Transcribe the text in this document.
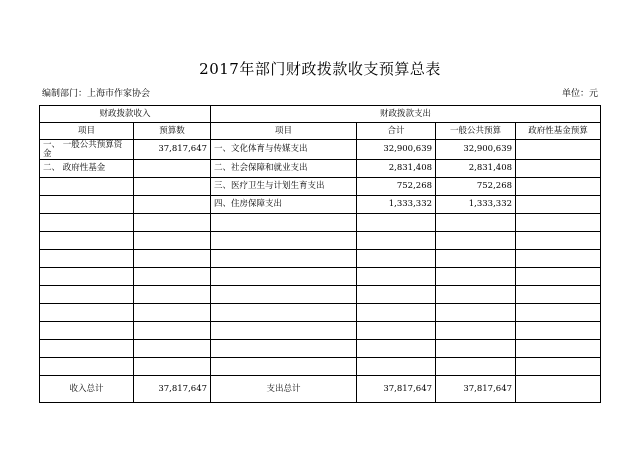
2017年部门财政拨款收支预算总表
编制部门：上海市作家协会	单位：元
财政拨款收入		财政拨款支出			
项目	预算数	项目	合计	一般公共预算	政府性基金预算
一、 一般公共预算资金	37,817,647	一、文化体育与传媒支出	32,900,639	32,900,639	
二、 政府性基金		二、社会保障和就业支出	2,831,408	2,831,408	
		三、医疗卫生与计划生育支出	752,268	752,268	
		四、住房保障支出	1,333,332	1,333,332	

收入总计	37,817,647	支出总计	37,817,647	37,817,647	
